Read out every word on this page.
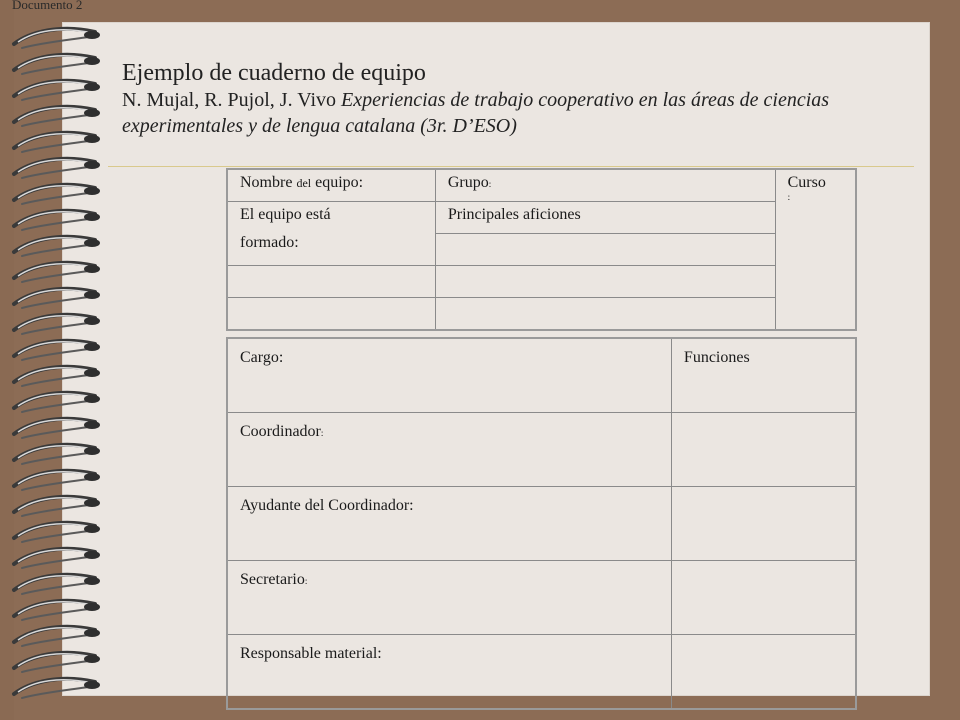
Documento 2
Ejemplo de cuaderno de equipo
N. Mujal, R. Pujol, J. Vivo Experiencias de trabajo cooperativo en las áreas de ciencias experimentales y de lengua catalana (3r. D’ESO)
Nombre del equipo:	Grupo:	Curso
:

El equipo está	Principales aficiones	
formado:		

Cargo:	Funciones
Coordinador:	
Ayudante del Coordinador:	
Secretario:	
Responsable material:	
